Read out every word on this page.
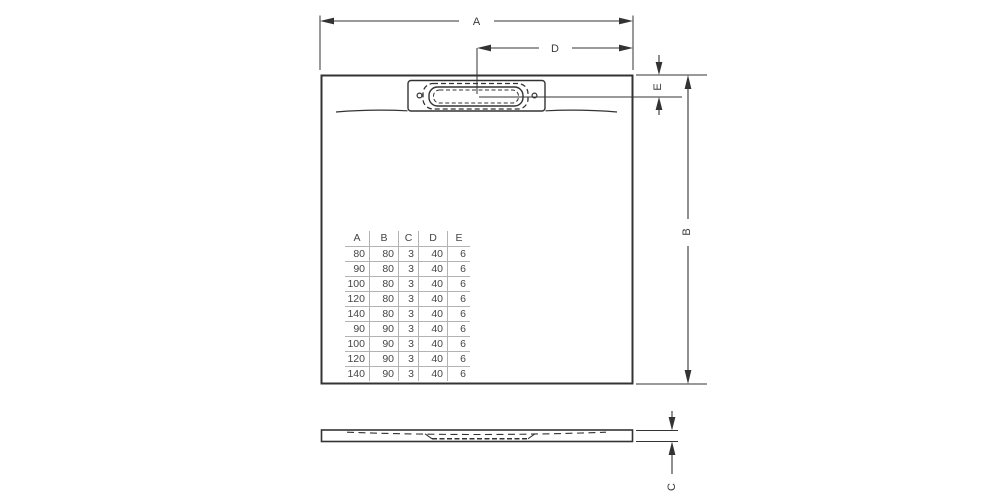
A
D
E
B
C
A	B	C	D	E
80	80	3	40	6
90	80	3	40	6
100	80	3	40	6
120	80	3	40	6
140	80	3	40	6
90	90	3	40	6
100	90	3	40	6
120	90	3	40	6
140	90	3	40	6
